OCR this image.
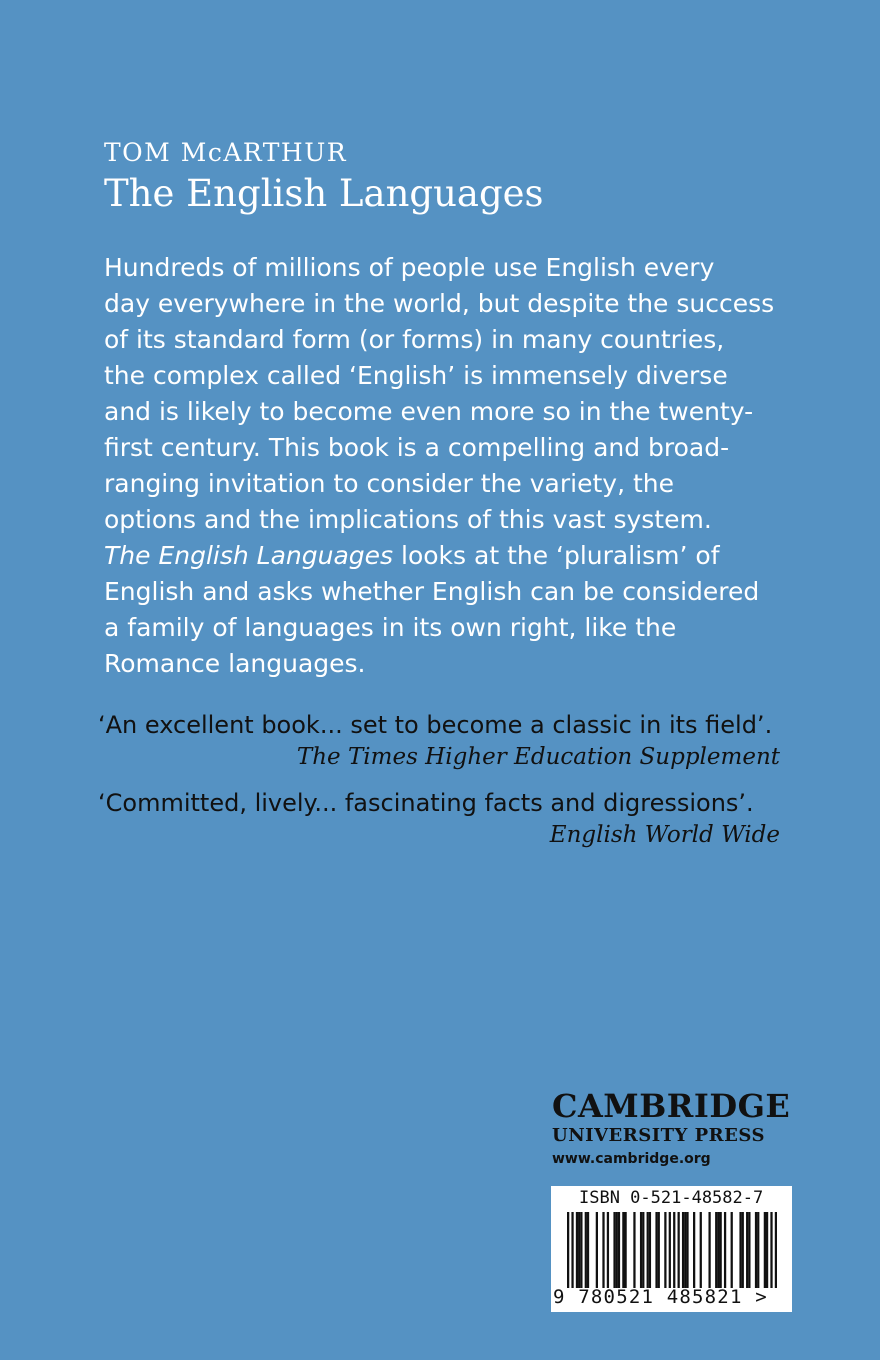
TOM McARTHUR
The English Languages

Hundreds of millions of people use English every

day everywhere in the world, but despite the success

of its standard form (or forms) in many countries,

the complex called ‘English’ is immensely diverse

and is likely to become even more so in the twenty-

first century. This book is a compelling and broad-

ranging invitation to consider the variety, the

options and the implications of this vast system.

The English Languages looks at the ‘pluralism’ of

English and asks whether English can be considered

a family of languages in its own right, like the

Romance languages.

‘An excellent book... set to become a classic in its field’.
The Times Higher Education Supplement
‘Committed, lively... fascinating facts and digressions’.
English World Wide
CAMBRIDGE
UNIVERSITY PRESS
www.cambridge.org
ISBN 0-521-48582-7
9 780521 485821 >
